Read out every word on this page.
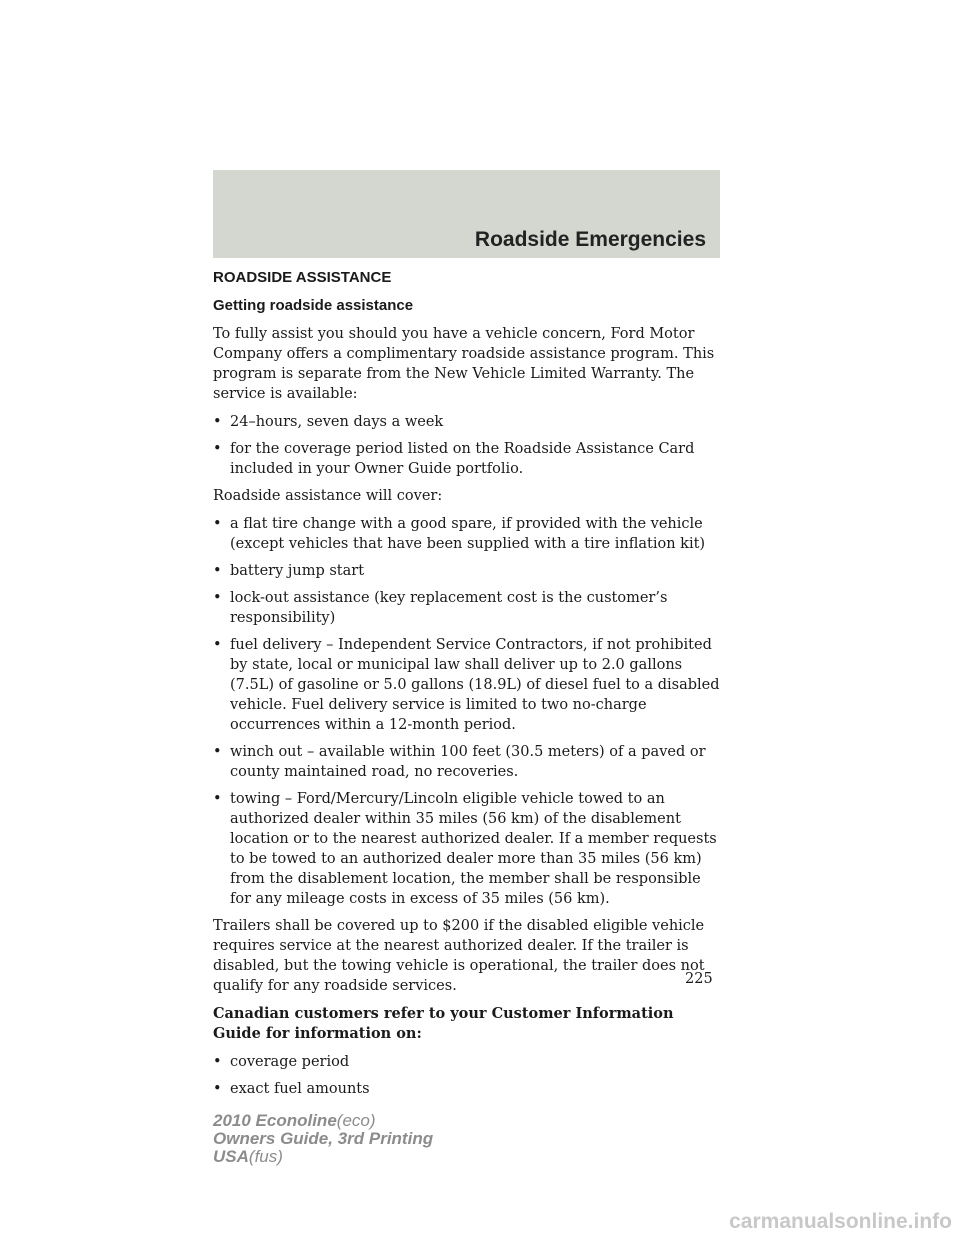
Roadside Emergencies
ROADSIDE ASSISTANCE
Getting roadside assistance

To fully assist you should you have a vehicle concern, Ford Motor Company offers a complimentary roadside assistance program. This program is separate from the New Vehicle Limited Warranty. The service is available:

• 24–hours, seven days a week
• for the coverage period listed on the Roadside Assistance Card included in your Owner Guide portfolio.

Roadside assistance will cover:

• a flat tire change with a good spare, if provided with the vehicle (except vehicles that have been supplied with a tire inflation kit)
• battery jump start
• lock-out assistance (key replacement cost is the customer’s responsibility)
• fuel delivery – Independent Service Contractors, if not prohibited by state, local or municipal law shall deliver up to 2.0 gallons (7.5L) of gasoline or 5.0 gallons (18.9L) of diesel fuel to a disabled vehicle. Fuel delivery service is limited to two no-charge occurrences within a 12-month period.
• winch out – available within 100 feet (30.5 meters) of a paved or county maintained road, no recoveries.
• towing – Ford/Mercury/Lincoln eligible vehicle towed to an authorized dealer within 35 miles (56 km) of the disablement location or to the nearest authorized dealer. If a member requests to be towed to an authorized dealer more than 35 miles (56 km) from the disablement location, the member shall be responsible for any mileage costs in excess of 35 miles (56 km).

Trailers shall be covered up to $200 if the disabled eligible vehicle requires service at the nearest authorized dealer. If the trailer is disabled, but the towing vehicle is operational, the trailer does not qualify for any roadside services.

Canadian customers refer to your Customer Information Guide for information on:

• coverage period
• exact fuel amounts
225
2010 Econoline(eco)
Owners Guide, 3rd Printing
USA(fus)
carmanualsonline.info
